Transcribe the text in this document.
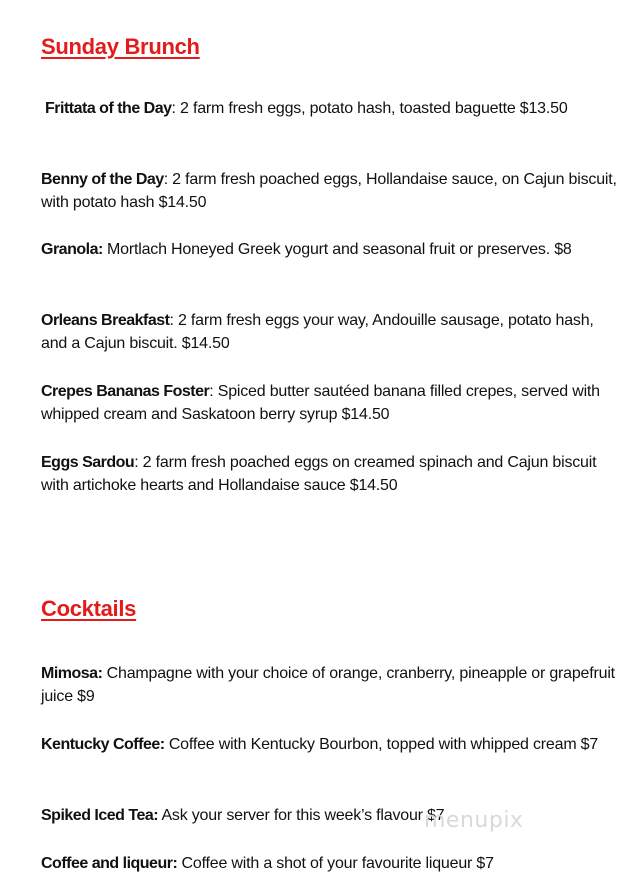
Sunday Brunch

Frittata of the Day: 2 farm fresh eggs, potato hash, toasted baguette $13.50

Benny of the Day: 2 farm fresh poached eggs, Hollandaise sauce, on Cajun biscuit, with potato hash $14.50

Granola: Mortlach Honeyed Greek yogurt and seasonal fruit or preserves. $8

Orleans Breakfast: 2 farm fresh eggs your way, Andouille sausage, potato hash, and a Cajun biscuit. $14.50

Crepes Bananas Foster: Spiced butter sautéed banana filled crepes, served with whipped cream and Saskatoon berry syrup $14.50

Eggs Sardou: 2 farm fresh poached eggs on creamed spinach and Cajun biscuit with artichoke hearts and Hollandaise sauce $14.50

Cocktails

Mimosa: Champagne with your choice of orange, cranberry, pineapple or grapefruit juice $9

Kentucky Coffee: Coffee with Kentucky Bourbon, topped with whipped cream $7

Spiked Iced Tea: Ask your server for this week’s flavour $7

Coffee and liqueur: Coffee with a shot of your favourite liqueur $7

menupix
